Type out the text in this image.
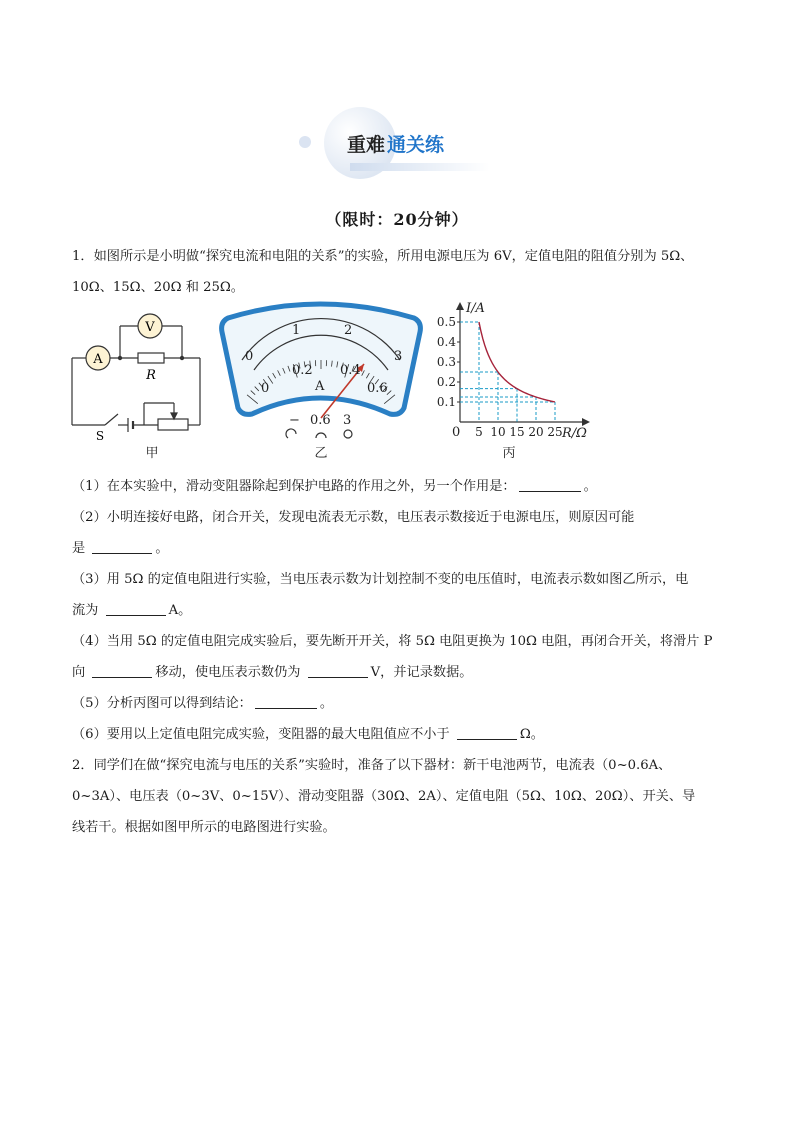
重难 通关练
（限时：20分钟）

1．如图所示是小明做“探究电流和电阻的关系”的实验，所用电源电压为 6V，定值电阻的阻值分别为 5Ω、

10Ω、15Ω、20Ω 和 25Ω。

A
V
R
S
甲
0
1	2
3
0
0.2 0.4
0.6
A
− 0.6 3
乙
0.5
0.4
0.3
0.2
0.1
5 10 15 20 25
I/A
R/Ω
0
丙

（1）在本实验中，滑动变阻器除起到保护电路的作用之外，另一个作用是：	。

（2）小明连接好电路，闭合开关，发现电流表无示数，电压表示数接近于电源电压，则原因可能

是	。

（3）用 5Ω 的定值电阻进行实验，当电压表示数为计划控制不变的电压值时，电流表示数如图乙所示，电

流为	A。

（4）当用 5Ω 的定值电阻完成实验后，要先断开开关，将 5Ω 电阻更换为 10Ω 电阻，再闭合开关，将滑片 P

向	移动，使电压表示数仍为	V，并记录数据。

（5）分析丙图可以得到结论：	。

（6）要用以上定值电阻完成实验，变阻器的最大电阻值应不小于	Ω。

2．同学们在做“探究电流与电压的关系”实验时，准备了以下器材：新干电池两节，电流表（0~0.6A、

0~3A）、电压表（0~3V、0~15V）、滑动变阻器（30Ω、2A）、定值电阻（5Ω、10Ω、20Ω）、开关、导

线若干。根据如图甲所示的电路图进行实验。
